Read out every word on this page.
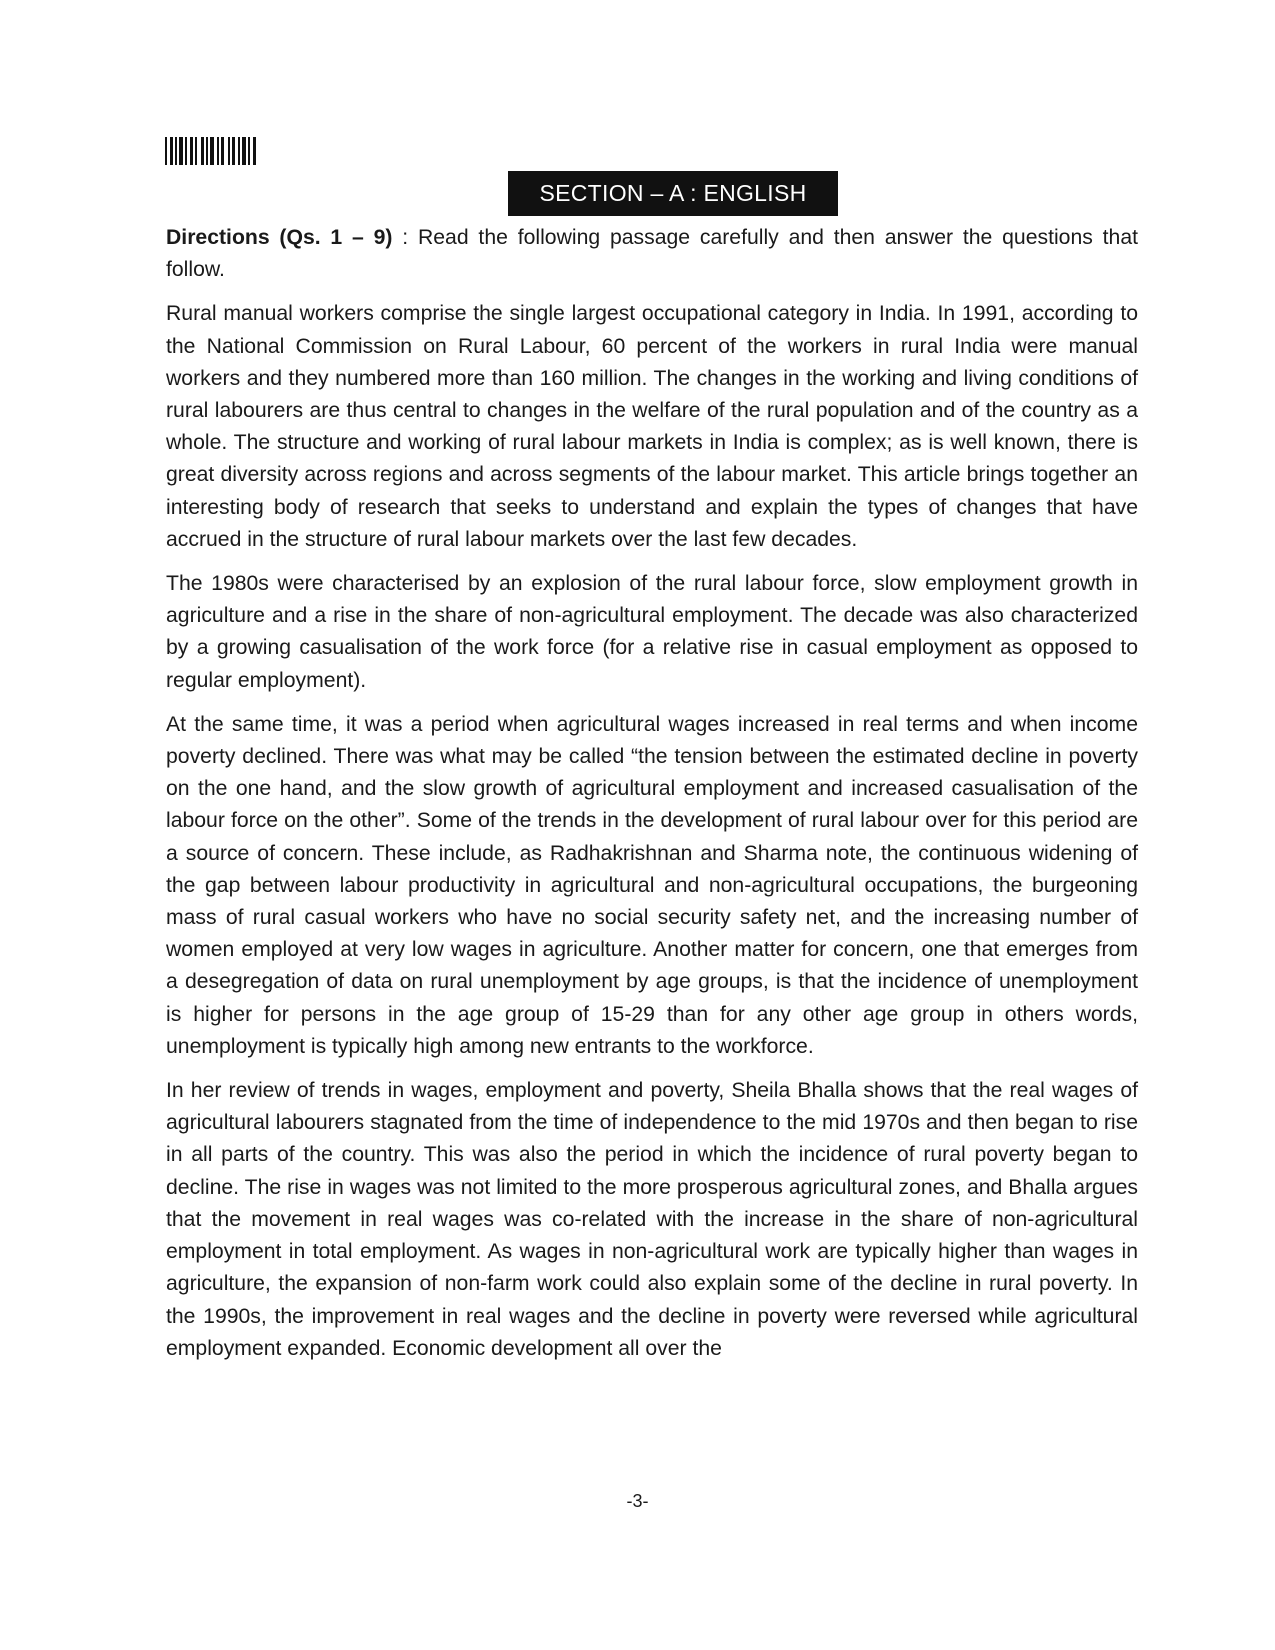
SECTION – A : ENGLISH

Directions (Qs. 1 – 9) : Read the following passage carefully and then answer the questions that follow.

Rural manual workers comprise the single largest occupational category in India. In 1991, according to the National Commission on Rural Labour, 60 percent of the workers in rural India were manual workers and they numbered more than 160 million. The changes in the working and living conditions of rural labourers are thus central to changes in the welfare of the rural population and of the country as a whole. The structure and working of rural labour markets in India is complex; as is well known, there is great diversity across regions and across segments of the labour market. This article brings together an interesting body of research that seeks to understand and explain the types of changes that have accrued in the structure of rural labour markets over the last few decades.

The 1980s were characterised by an explosion of the rural labour force, slow employment growth in agriculture and a rise in the share of non-agricultural employment. The decade was also characterized by a growing casualisation of the work force (for a relative rise in casual employment as opposed to regular employment).

At the same time, it was a period when agricultural wages increased in real terms and when income poverty declined. There was what may be called “the tension between the estimated decline in poverty on the one hand, and the slow growth of agricultural employment and increased casualisation of the labour force on the other”. Some of the trends in the development of rural labour over for this period are a source of concern. These include, as Radhakrishnan and Sharma note, the continuous widening of the gap between labour productivity in agricultural and non-agricultural occupations, the burgeoning mass of rural casual workers who have no social security safety net, and the increasing number of women employed at very low wages in agriculture. Another matter for concern, one that emerges from a desegregation of data on rural unemployment by age groups, is that the incidence of unemployment is higher for persons in the age group of 15-29 than for any other age group in others words, unemployment is typically high among new entrants to the workforce.

In her review of trends in wages, employment and poverty, Sheila Bhalla shows that the real wages of agricultural labourers stagnated from the time of independence to the mid 1970s and then began to rise in all parts of the country. This was also the period in which the incidence of rural poverty began to decline. The rise in wages was not limited to the more prosperous agricultural zones, and Bhalla argues that the movement in real wages was co-related with the increase in the share of non-agricultural employment in total employment. As wages in non-agricultural work are typically higher than wages in agriculture, the expansion of non-farm work could also explain some of the decline in rural poverty. In the 1990s, the improvement in real wages and the decline in poverty were reversed while agricultural employment expanded. Economic development all over the

-3-
